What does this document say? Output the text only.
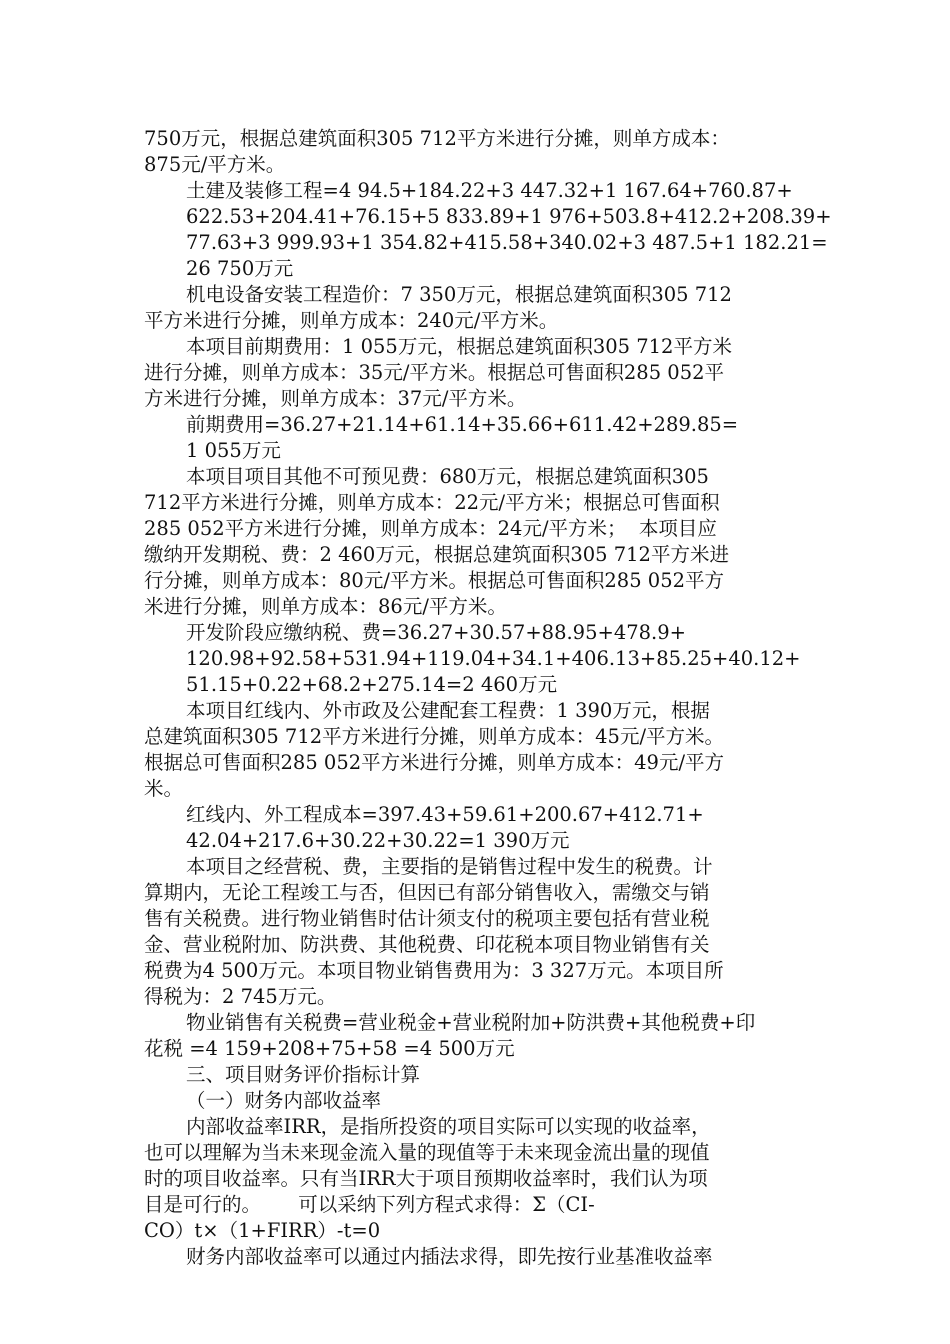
750万元，根据总建筑面积305 712平方米进行分摊，则单方成本：
875元/平方米。
土建及装修工程=4 94.5+184.22+3 447.32+1 167.64+760.87+
622.53+204.41+76.15+5 833.89+1 976+503.8+412.2+208.39+
77.63+3 999.93+1 354.82+415.58+340.02+3 487.5+1 182.21=
26 750万元
机电设备安装工程造价：7 350万元，根据总建筑面积305 712
平方米进行分摊，则单方成本：240元/平方米。
本项目前期费用：1 055万元，根据总建筑面积305 712平方米
进行分摊，则单方成本：35元/平方米。根据总可售面积285 052平
方米进行分摊，则单方成本：37元/平方米。
前期费用=36.27+21.14+61.14+35.66+611.42+289.85=
1 055万元
本项目项目其他不可预见费：680万元，根据总建筑面积305
712平方米进行分摊，则单方成本：22元/平方米；根据总可售面积
285 052平方米进行分摊，则单方成本：24元/平方米；  本项目应
缴纳开发期税、费：2 460万元，根据总建筑面积305 712平方米进
行分摊，则单方成本：80元/平方米。根据总可售面积285 052平方
米进行分摊，则单方成本：86元/平方米。
开发阶段应缴纳税、费=36.27+30.57+88.95+478.9+
120.98+92.58+531.94+119.04+34.1+406.13+85.25+40.12+
51.15+0.22+68.2+275.14=2 460万元
本项目红线内、外市政及公建配套工程费：1 390万元，根据
总建筑面积305 712平方米进行分摊，则单方成本：45元/平方米。
根据总可售面积285 052平方米进行分摊，则单方成本：49元/平方
米。
红线内、外工程成本=397.43+59.61+200.67+412.71+
42.04+217.6+30.22+30.22=1 390万元
本项目之经营税、费，主要指的是销售过程中发生的税费。计
算期内，无论工程竣工与否，但因已有部分销售收入，需缴交与销
售有关税费。进行物业销售时估计须支付的税项主要包括有营业税
金、营业税附加、防洪费、其他税费、印花税本项目物业销售有关
税费为4 500万元。本项目物业销售费用为：3 327万元。本项目所
得税为：2 745万元。
物业销售有关税费=营业税金+营业税附加+防洪费+其他税费+印
花税 =4 159+208+75+58 =4 500万元
三、项目财务评价指标计算
（一）财务内部收益率
内部收益率IRR，是指所投资的项目实际可以实现的收益率，
也可以理解为当未来现金流入量的现值等于未来现金流出量的现值
时的项目收益率。只有当IRR大于项目预期收益率时，我们认为项
目是可行的。      可以采纳下列方程式求得：Σ（CI-
CO）t×（1+FIRR）-t=0
财务内部收益率可以通过内插法求得，即先按行业基准收益率
